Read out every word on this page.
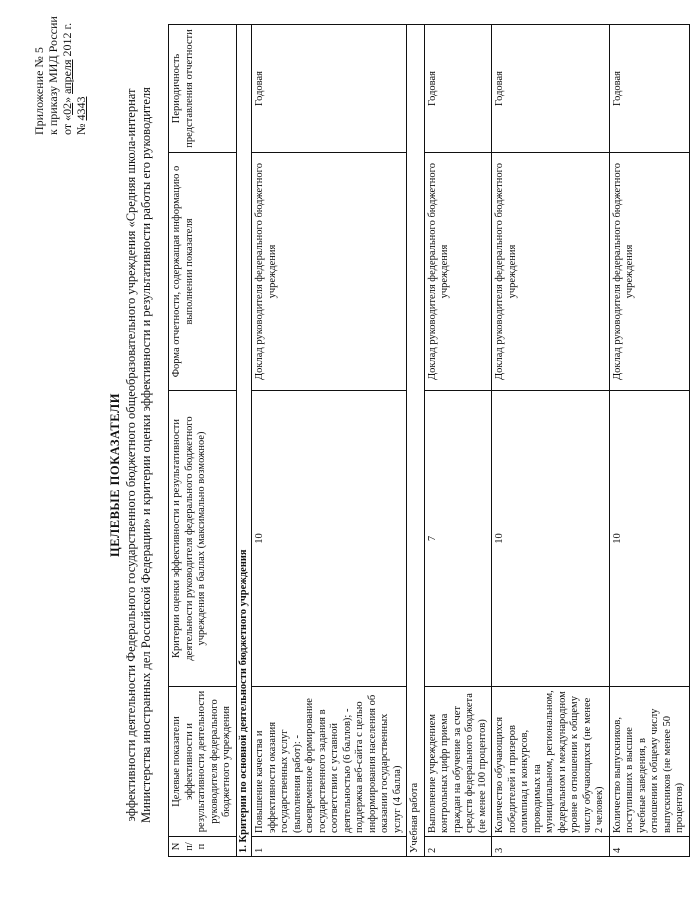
Приложение № 5 к приказу МИД России от «02» апреля 2012 г.
№ 4343
ЦЕЛЕВЫЕ ПОКАЗАТЕЛИ эффективности деятельности Федерального государственного бюджетного общеобразовательного учреждения «Средняя школа-интернат Министерства иностранных дел Российской Федерации» и критерии оценки эффективности и результативности работы его руководителя
N п/п	Целевые показатели эффективности и результативности деятельности руководителя федерального бюджетного учреждения	Критерии оценки эффективности и результативности деятельности руководителя федерального бюджетного учреждения в баллах (максимально возможное)	Форма отчетности, содержащая информацию о выполнении показателя	Периодичность представления отчетности
1. Критерии по основной деятельности бюджетного учреждения				
1	Повышение качества и эффективности оказания государственных услуг (выполнения работ): - своевременное формирование государственного задания в соответствии с уставной деятельностью (6 баллов); - поддержка веб-сайта с целью информирования населения об оказании государственных услуг (4 балла)	10	Доклад руководителя федерального бюджетного учреждения	Годовая
Учебная работа				
2	Выполнение учреждением контрольных цифр приема граждан на обучение за счет средств федерального бюджета (не менее 100 процентов)	7	Доклад руководителя федерального бюджетного учреждения	Годовая
3	Количество обучающихся победителей и призеров олимпиад и конкурсов, проводимых на муниципальном, региональном, федеральном и международном уровне в отношении к общему числу обучающихся (не менее 2 человек)	10	Доклад руководителя федерального бюджетного учреждения	Годовая
4	Количество выпускников, поступивших в высшие учебные заведения, в отношении к общему числу выпускников (не менее 50 процентов)	10	Доклад руководителя федерального бюджетного учреждения	Годовая
